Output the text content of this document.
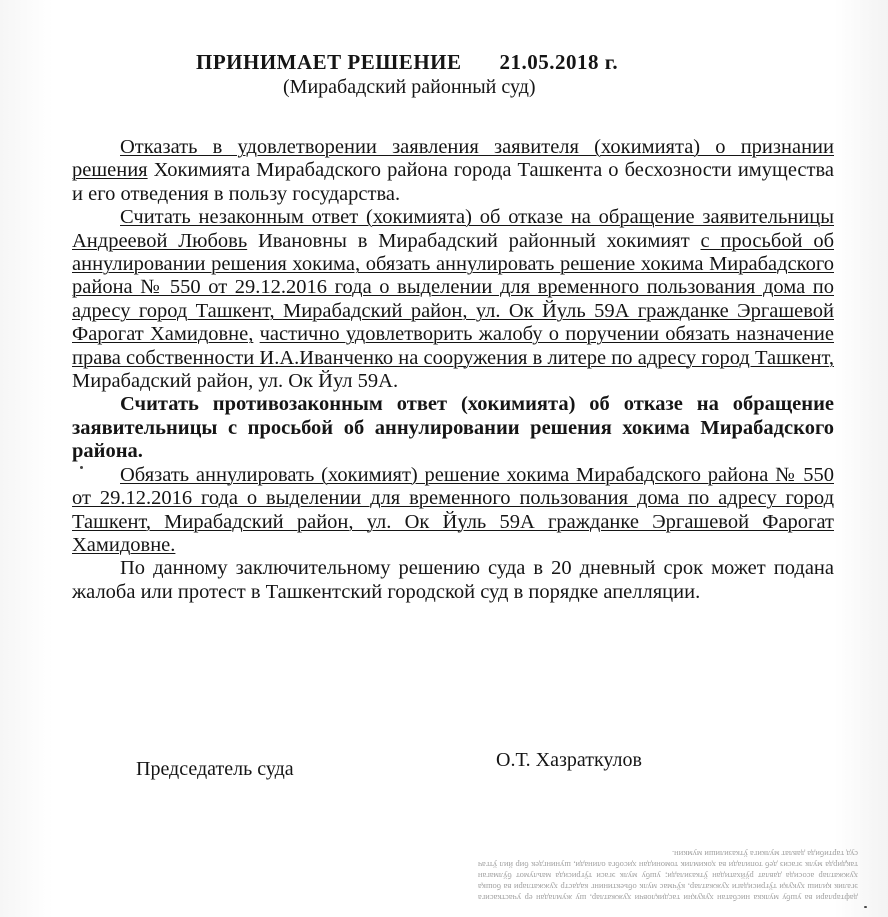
ПРИНИМАЕТ РЕШЕНИЕ 21.05.2018 г.
(Мирабадский районный суд)

Отказать в удовлетворении заявления заявителя (хокимията) о признании решения Хокимията Мирабадского района города Ташкента о бесхозности имущества и его отведения в пользу государства.

Считать незаконным ответ (хокимията) об отказе на обращение заявительницы Андреевой Любовь Ивановны в Мирабадский районный хокимият с просьбой об аннулировании решения хокима, обязать аннулировать решение хокима Мирабадского района № 550 от 29.12.2016 года о выделении для временного пользования дома по адресу город Ташкент, Мирабадский район, ул. Ок Йуль 59А гражданке Эргашевой Фарогат Хамидовне, частично удовлетворить жалобу о поручении обязать назначение права собственности И.А.Иванченко на сооружения в литере по адресу город Ташкент, Мирабадский район, ул. Ок Йул 59А.

Считать противозаконным ответ (хокимията) об отказе на обращение заявительницы с просьбой об аннулировании решения хокима Мирабадского района.

Обязать аннулировать (хокимият) решение хокима Мирабадского района № 550 от 29.12.2016 года о выделении для временного пользования дома по адресу город Ташкент, Мирабадский район, ул. Ок Йуль 59А гражданке Эргашевой Фарогат Хамидовне.

По данному заключительному решению суда в 20 дневный срок может подана жалоба или протест в Ташкентский городской суд в порядке апелляции.

Председатель суда	О.Т. Хазраткулов
дафтарлари ва ушбу мулкка нисбатан ҳуқуқни тасдиқловчи ҳужжатлар, шу жумладан ер участкасига эгалик қилиш ҳуқуқи тўғрисидаги ҳужжатлар, кўчмас мулк объектининг кадастр ҳужжатлари ва бошқа ҳужжатлар асосида давлат рўйхатидан ўтказилади; ушбу мулк эгаси тўғрисида маълумот бўлмаган тақдирда мулк эгасиз деб топилади ва ҳокимлик томонидан ҳисобга олинади, шунингдек бир йил ўтгач суд тартибида давлат мулкига ўтказилиши мумкин.
